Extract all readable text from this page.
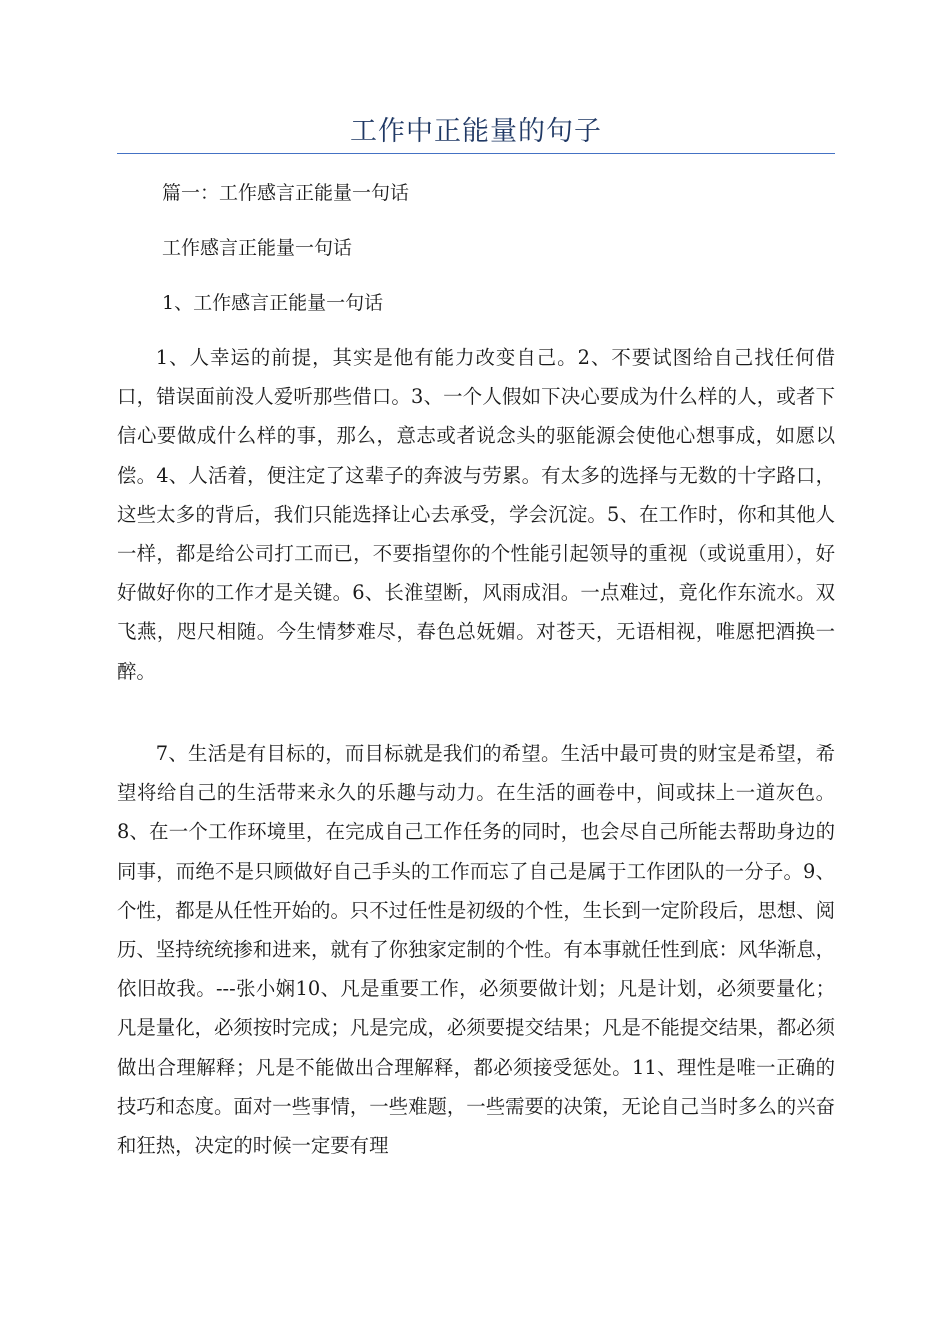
工作中正能量的句子
篇一：工作感言正能量一句话
工作感言正能量一句话
1、工作感言正能量一句话

1、人幸运的前提，其实是他有能力改变自己。2、不要试图给自己找任何借口，错误面前没人爱听那些借口。3、一个人假如下决心要成为什么样的人，或者下信心要做成什么样的事，那么，意志或者说念头的驱能源会使他心想事成，如愿以偿。4、人活着，便注定了这辈子的奔波与劳累。有太多的选择与无数的十字路口，这些太多的背后，我们只能选择让心去承受，学会沉淀。5、在工作时，你和其他人一样，都是给公司打工而已，不要指望你的个性能引起领导的重视（或说重用），好好做好你的工作才是关键。6、长淮望断，风雨成泪。一点难过，竟化作东流水。双飞燕，咫尺相随。今生情梦难尽，春色总妩媚。对苍天，无语相视，唯愿把酒换一醉。

7、生活是有目标的，而目标就是我们的希望。生活中最可贵的财宝是希望，希望将给自己的生活带来永久的乐趣与动力。在生活的画卷中，间或抹上一道灰色。8、在一个工作环境里，在完成自己工作任务的同时，也会尽自己所能去帮助身边的同事，而绝不是只顾做好自己手头的工作而忘了自己是属于工作团队的一分子。9、个性，都是从任性开始的。只不过任性是初级的个性，生长到一定阶段后，思想、阅历、坚持统统掺和进来，就有了你独家定制的个性。有本事就任性到底：风华渐息，依旧故我。---张小娴10、凡是重要工作，必须要做计划；凡是计划，必须要量化；凡是量化，必须按时完成；凡是完成，必须要提交结果；凡是不能提交结果，都必须做出合理解释；凡是不能做出合理解释，都必须接受惩处。11、理性是唯一正确的技巧和态度。面对一些事情，一些难题，一些需要的决策，无论自己当时多么的兴奋和狂热，决定的时候一定要有理
